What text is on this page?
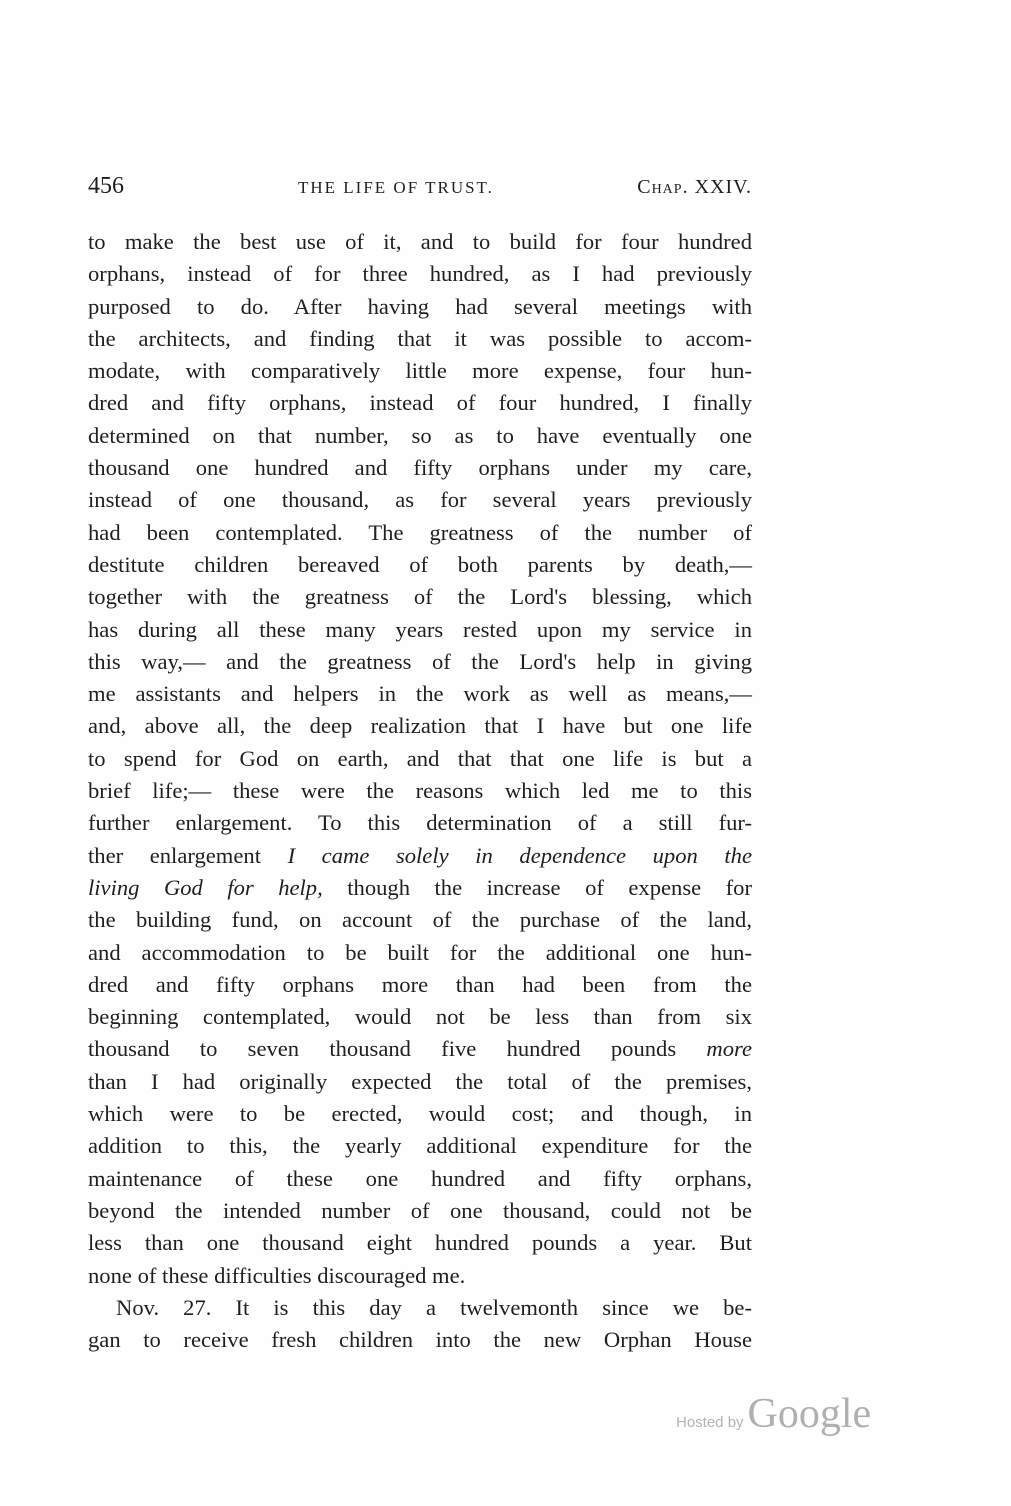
456	THE LIFE OF TRUST.	Chap. XXIV.
to make the best use of it, and to build for four hundred
orphans, instead of for three hundred, as I had previously
purposed to do. After having had several meetings with
the architects, and finding that it was possible to accom-
modate, with comparatively little more expense, four hun-
dred and fifty orphans, instead of four hundred, I finally
determined on that number, so as to have eventually one
thousand one hundred and fifty orphans under my care,
instead of one thousand, as for several years previously
had been contemplated. The greatness of the number of
destitute children bereaved of both parents by death,—
together with the greatness of the Lord's blessing, which
has during all these many years rested upon my service in
this way,— and the greatness of the Lord's help in giving
me assistants and helpers in the work as well as means,—
and, above all, the deep realization that I have but one life
to spend for God on earth, and that that one life is but a
brief life;— these were the reasons which led me to this
further enlargement. To this determination of a still fur-
ther enlargement I came solely in dependence upon the
living God for help, though the increase of expense for
the building fund, on account of the purchase of the land,
and accommodation to be built for the additional one hun-
dred and fifty orphans more than had been from the
beginning contemplated, would not be less than from six
thousand to seven thousand five hundred pounds more
than I had originally expected the total of the premises,
which were to be erected, would cost; and though, in
addition to this, the yearly additional expenditure for the
maintenance of these one hundred and fifty orphans,
beyond the intended number of one thousand, could not be
less than one thousand eight hundred pounds a year. But
none of these difficulties discouraged me.
Nov. 27. It is this day a twelvemonth since we be-
gan to receive fresh children into the new Orphan House
Hosted by Google
